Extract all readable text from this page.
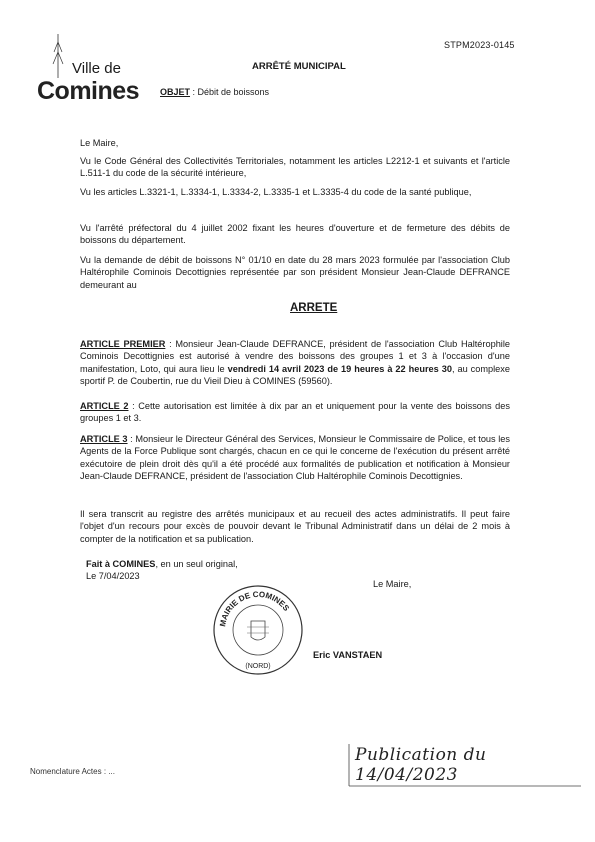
STPM2023-0145
Ville de
Comines
ARRÊTÉ MUNICIPAL
OBJET : Débit de boissons
Le Maire,
Vu le Code Général des Collectivités Territoriales, notamment les articles L2212-1 et suivants et l'article L.511-1 du code de la sécurité intérieure,
Vu les articles L.3321-1, L.3334-1, L.3334-2, L.3335-1 et L.3335-4 du code de la santé publique,
Vu l'arrêté préfectoral du 4 juillet 2002 fixant les heures d'ouverture et de fermeture des débits de boissons du département.
Vu la demande de débit de boissons N° 01/10 en date du 28 mars 2023 formulée par l'association Club Haltérophile Cominois Decottignies représentée par son président Monsieur Jean-Claude DEFRANCE demeurant au
ARRETE
ARTICLE PREMIER : Monsieur Jean-Claude DEFRANCE, président de l'association Club Haltérophile Cominois Decottignies est autorisé à vendre des boissons des groupes 1 et 3 à l'occasion d'une manifestation, Loto, qui aura lieu le vendredi 14 avril 2023 de 19 heures à 22 heures 30, au complexe sportif P. de Coubertin, rue du Vieil Dieu à COMINES (59560).
ARTICLE 2 : Cette autorisation est limitée à dix par an et uniquement pour la vente des boissons des groupes 1 et 3.
ARTICLE 3 : Monsieur le Directeur Général des Services, Monsieur le Commissaire de Police, et tous les Agents de la Force Publique sont chargés, chacun en ce qui le concerne de l'exécution du présent arrêté exécutoire de plein droit dès qu'il a été procédé aux formalités de publication et notification à Monsieur Jean-Claude DEFRANCE, président de l'association Club Haltérophile Cominois Decottignies.
Il sera transcrit au registre des arrêtés municipaux et au recueil des actes administratifs. Il peut faire l'objet d'un recours pour excès de pouvoir devant le Tribunal Administratif dans un délai de 2 mois à compter de la notification et sa publication.
Fait à COMINES, en un seul original,
Le 7/04/2023
Le Maire,
MAIRIE DE COMINES
(NORD)
Eric VANSTAEN
Publication du 14/04/2023
Nomenclature Actes : ...
